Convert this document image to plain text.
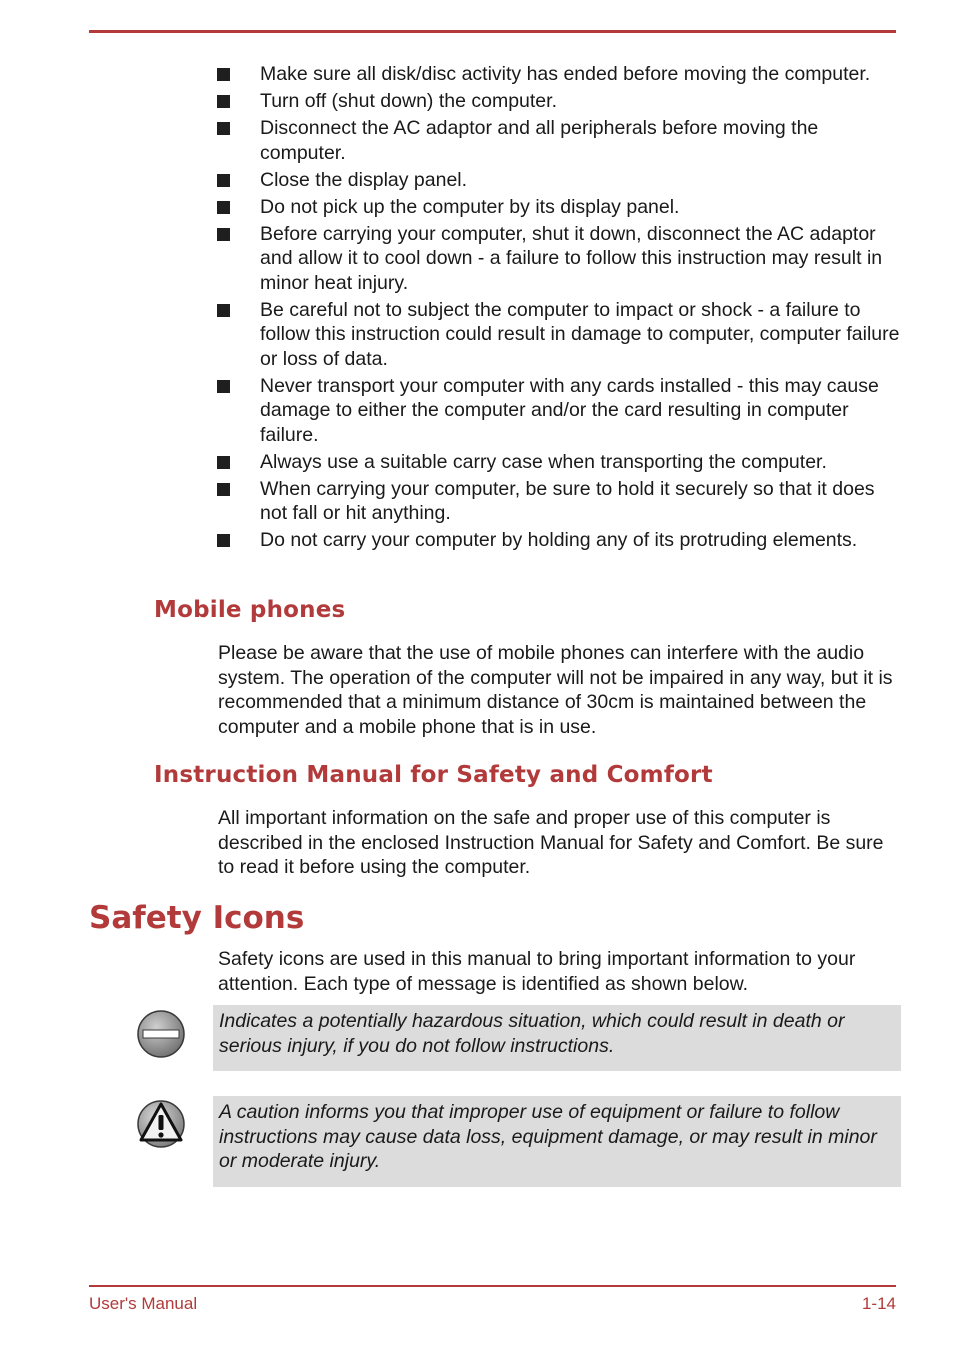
Make sure all disk/disc activity has ended before moving the computer.
Turn off (shut down) the computer.
Disconnect the AC adaptor and all peripherals before moving the computer.
Close the display panel.
Do not pick up the computer by its display panel.
Before carrying your computer, shut it down, disconnect the AC adaptor and allow it to cool down - a failure to follow this instruction may result in minor heat injury.
Be careful not to subject the computer to impact or shock - a failure to follow this instruction could result in damage to computer, computer failure or loss of data.
Never transport your computer with any cards installed - this may cause damage to either the computer and/or the card resulting in computer failure.
Always use a suitable carry case when transporting the computer.
When carrying your computer, be sure to hold it securely so that it does not fall or hit anything.
Do not carry your computer by holding any of its protruding elements.
Mobile phones

Please be aware that the use of mobile phones can interfere with the audio system. The operation of the computer will not be impaired in any way, but it is recommended that a minimum distance of 30cm is maintained between the computer and a mobile phone that is in use.

Instruction Manual for Safety and Comfort

All important information on the safe and proper use of this computer is described in the enclosed Instruction Manual for Safety and Comfort. Be sure to read it before using the computer.

Safety Icons

Safety icons are used in this manual to bring important information to your attention. Each type of message is identified as shown below.

Indicates a potentially hazardous situation, which could result in death or serious injury, if you do not follow instructions.
A caution informs you that improper use of equipment or failure to follow instructions may cause data loss, equipment damage, or may result in minor or moderate injury.
User's Manual	1-14
